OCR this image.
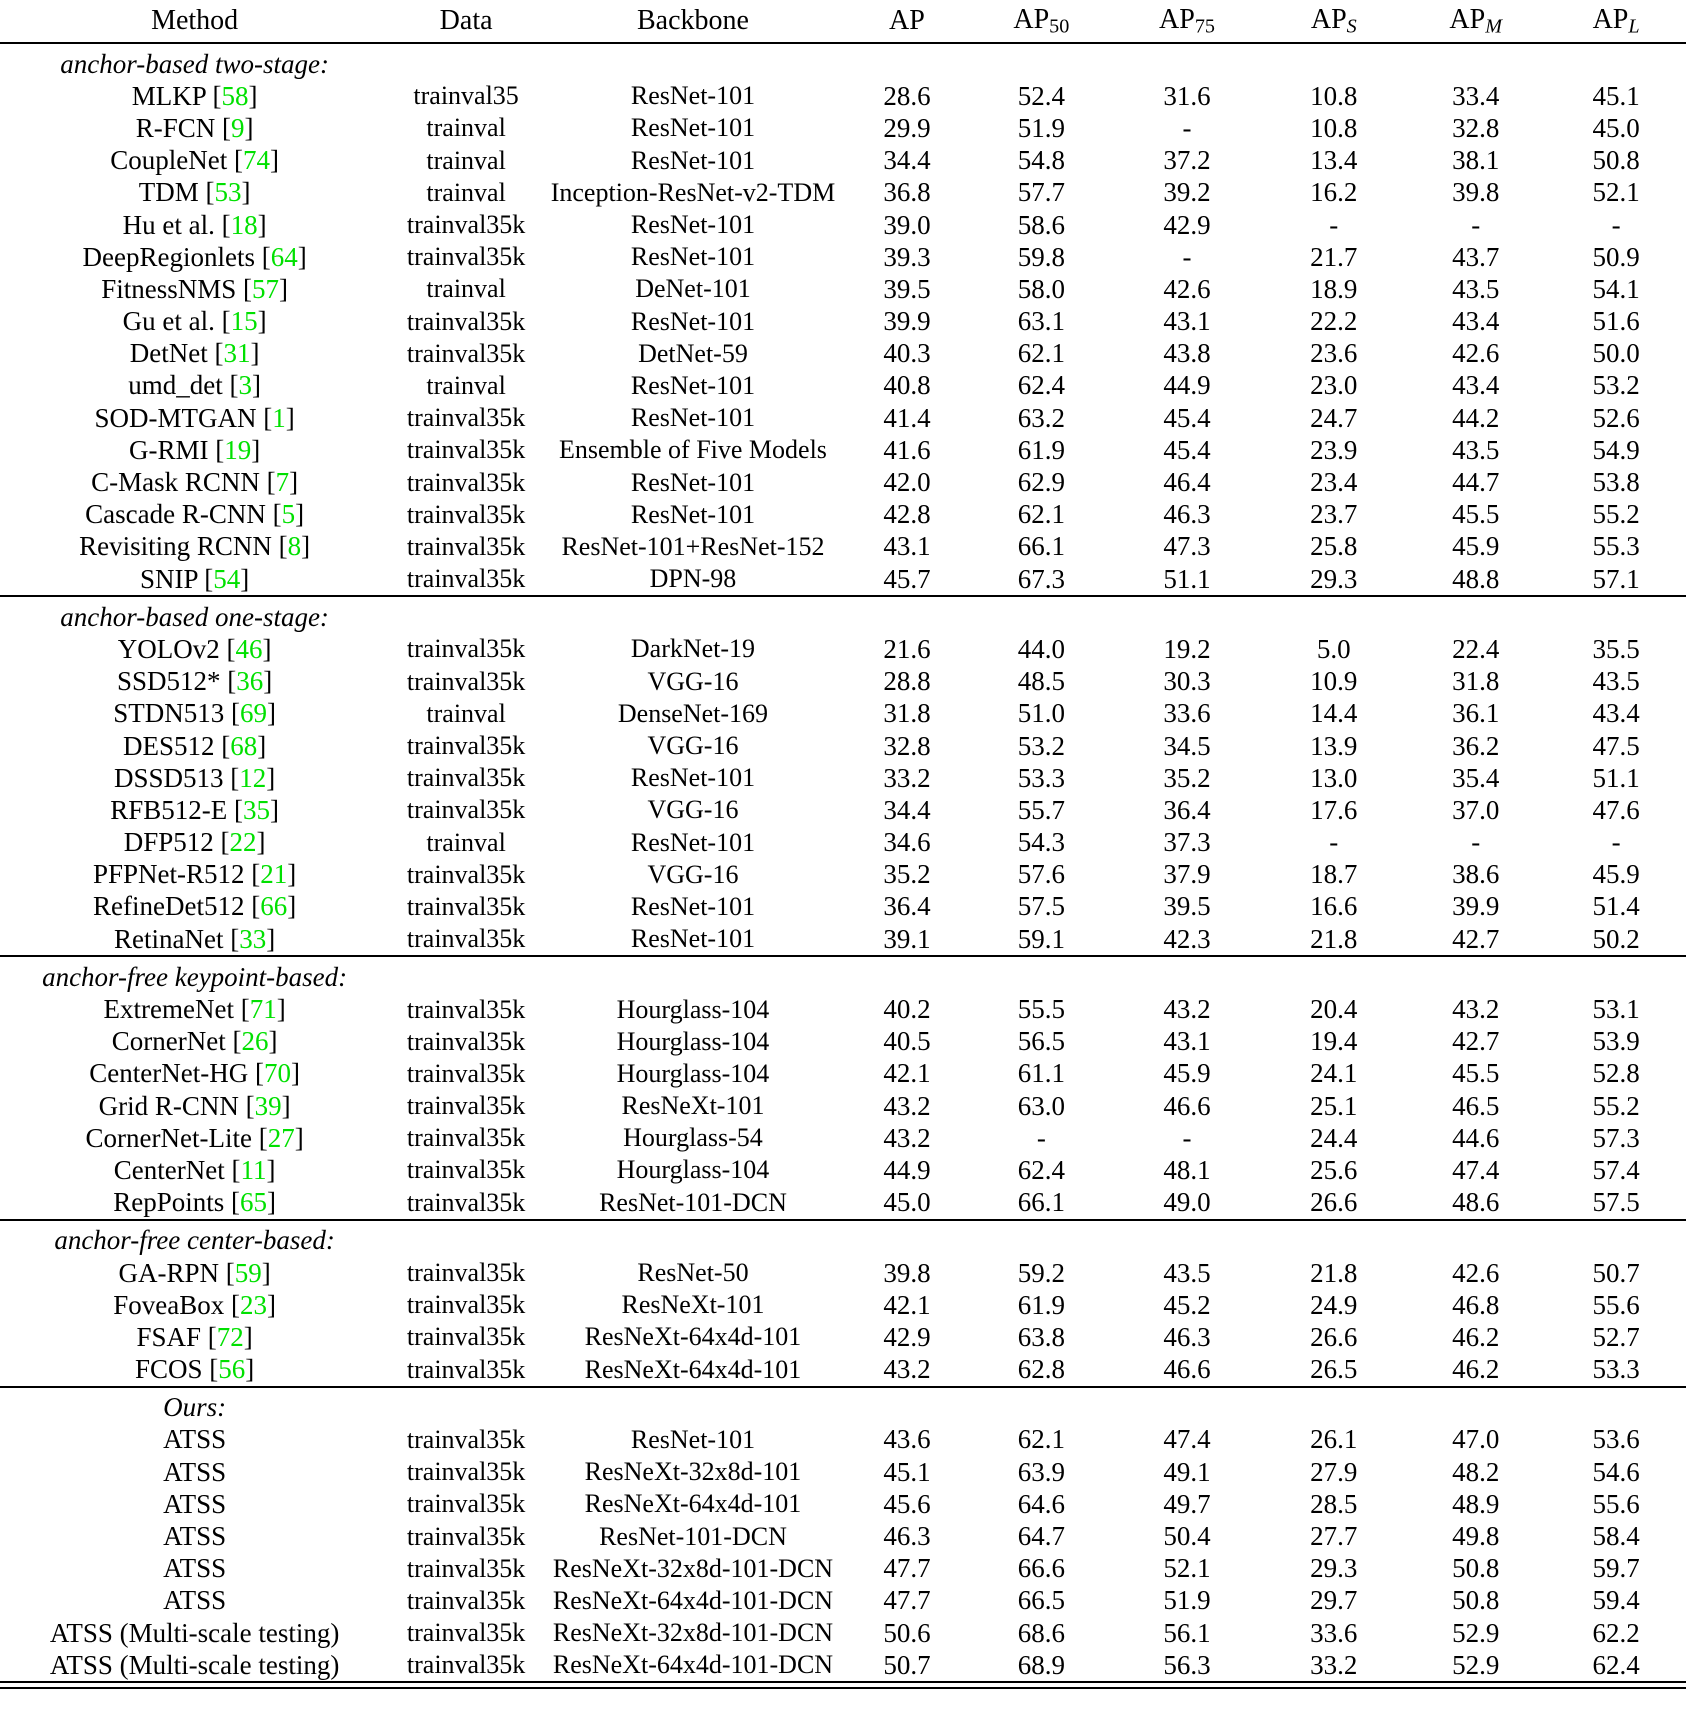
Method	Data	Backbone	AP	$AP_{50}$	$AP_{75}$	$AP_S$	$AP_M$	$AP_L$

anchor-based two-stage:								
MLKP [58]	trainval35	ResNet-101	28.6	52.4	31.6	10.8	33.4	45.1
R-FCN [9]	trainval	ResNet-101	29.9	51.9	-	10.8	32.8	45.0
CoupleNet [74]	trainval	ResNet-101	34.4	54.8	37.2	13.4	38.1	50.8
TDM [53]	trainval	Inception-ResNet-v2-TDM	36.8	57.7	39.2	16.2	39.8	52.1
Hu et al. [18]	trainval35k	ResNet-101	39.0	58.6	42.9	-	-	-
DeepRegionlets [64]	trainval35k	ResNet-101	39.3	59.8	-	21.7	43.7	50.9
FitnessNMS [57]	trainval	DeNet-101	39.5	58.0	42.6	18.9	43.5	54.1
Gu et al. [15]	trainval35k	ResNet-101	39.9	63.1	43.1	22.2	43.4	51.6
DetNet [31]	trainval35k	DetNet-59	40.3	62.1	43.8	23.6	42.6	50.0
umd_det [3]	trainval	ResNet-101	40.8	62.4	44.9	23.0	43.4	53.2
SOD-MTGAN [1]	trainval35k	ResNet-101	41.4	63.2	45.4	24.7	44.2	52.6
G-RMI [19]	trainval35k	Ensemble of Five Models	41.6	61.9	45.4	23.9	43.5	54.9
C-Mask RCNN [7]	trainval35k	ResNet-101	42.0	62.9	46.4	23.4	44.7	53.8
Cascade R-CNN [5]	trainval35k	ResNet-101	42.8	62.1	46.3	23.7	45.5	55.2
Revisiting RCNN [8]	trainval35k	ResNet-101+ResNet-152	43.1	66.1	47.3	25.8	45.9	55.3
SNIP [54]	trainval35k	DPN-98	45.7	67.3	51.1	29.3	48.8	57.1

anchor-based one-stage:								
YOLOv2 [46]	trainval35k	DarkNet-19	21.6	44.0	19.2	5.0	22.4	35.5
SSD512* [36]	trainval35k	VGG-16	28.8	48.5	30.3	10.9	31.8	43.5
STDN513 [69]	trainval	DenseNet-169	31.8	51.0	33.6	14.4	36.1	43.4
DES512 [68]	trainval35k	VGG-16	32.8	53.2	34.5	13.9	36.2	47.5
DSSD513 [12]	trainval35k	ResNet-101	33.2	53.3	35.2	13.0	35.4	51.1
RFB512-E [35]	trainval35k	VGG-16	34.4	55.7	36.4	17.6	37.0	47.6
DFP512 [22]	trainval	ResNet-101	34.6	54.3	37.3	-	-	-
PFPNet-R512 [21]	trainval35k	VGG-16	35.2	57.6	37.9	18.7	38.6	45.9
RefineDet512 [66]	trainval35k	ResNet-101	36.4	57.5	39.5	16.6	39.9	51.4
RetinaNet [33]	trainval35k	ResNet-101	39.1	59.1	42.3	21.8	42.7	50.2

anchor-free keypoint-based:								
ExtremeNet [71]	trainval35k	Hourglass-104	40.2	55.5	43.2	20.4	43.2	53.1
CornerNet [26]	trainval35k	Hourglass-104	40.5	56.5	43.1	19.4	42.7	53.9
CenterNet-HG [70]	trainval35k	Hourglass-104	42.1	61.1	45.9	24.1	45.5	52.8
Grid R-CNN [39]	trainval35k	ResNeXt-101	43.2	63.0	46.6	25.1	46.5	55.2
CornerNet-Lite [27]	trainval35k	Hourglass-54	43.2	-	-	24.4	44.6	57.3
CenterNet [11]	trainval35k	Hourglass-104	44.9	62.4	48.1	25.6	47.4	57.4
RepPoints [65]	trainval35k	ResNet-101-DCN	45.0	66.1	49.0	26.6	48.6	57.5

anchor-free center-based:								
GA-RPN [59]	trainval35k	ResNet-50	39.8	59.2	43.5	21.8	42.6	50.7
FoveaBox [23]	trainval35k	ResNeXt-101	42.1	61.9	45.2	24.9	46.8	55.6
FSAF [72]	trainval35k	ResNeXt-64x4d-101	42.9	63.8	46.3	26.6	46.2	52.7
FCOS [56]	trainval35k	ResNeXt-64x4d-101	43.2	62.8	46.6	26.5	46.2	53.3

Ours:								
ATSS	trainval35k	ResNet-101	43.6	62.1	47.4	26.1	47.0	53.6
ATSS	trainval35k	ResNeXt-32x8d-101	45.1	63.9	49.1	27.9	48.2	54.6
ATSS	trainval35k	ResNeXt-64x4d-101	45.6	64.6	49.7	28.5	48.9	55.6
ATSS	trainval35k	ResNet-101-DCN	46.3	64.7	50.4	27.7	49.8	58.4
ATSS	trainval35k	ResNeXt-32x8d-101-DCN	47.7	66.6	52.1	29.3	50.8	59.7
ATSS	trainval35k	ResNeXt-64x4d-101-DCN	47.7	66.5	51.9	29.7	50.8	59.4
ATSS (Multi-scale testing)	trainval35k	ResNeXt-32x8d-101-DCN	50.6	68.6	56.1	33.6	52.9	62.2
ATSS (Multi-scale testing)	trainval35k	ResNeXt-64x4d-101-DCN	50.7	68.9	56.3	33.2	52.9	62.4
